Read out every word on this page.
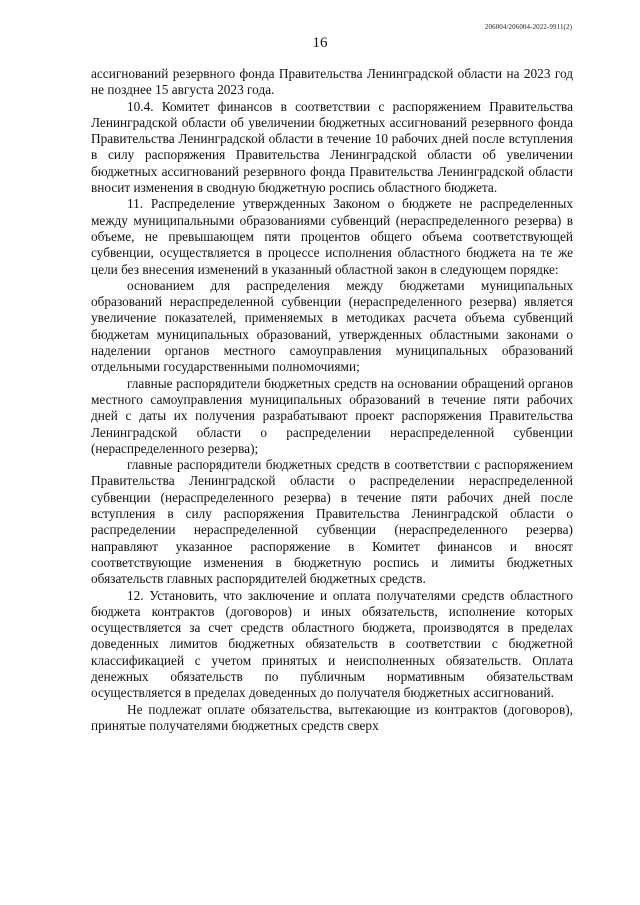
206004/206004-2022-9911(2)
16

ассигнований резервного фонда Правительства Ленинградской области на 2023 год не позднее 15 августа 2023 года.

10.4. Комитет финансов в соответствии с распоряжением Правительства Ленинградской области об увеличении бюджетных ассигнований резервного фонда Правительства Ленинградской области в течение 10 рабочих дней после вступления в силу распоряжения Правительства Ленинградской области об увеличении бюджетных ассигнований резервного фонда Правительства Ленинградской области вносит изменения в сводную бюджетную роспись областного бюджета.

11. Распределение утвержденных Законом о бюджете не распределенных между муниципальными образованиями субвенций (нераспределенного резерва) в объеме, не превышающем пяти процентов общего объема соответствующей субвенции, осуществляется в процессе исполнения областного бюджета на те же цели без внесения изменений в указанный областной закон в следующем порядке:

основанием для распределения между бюджетами муниципальных образований нераспределенной субвенции (нераспределенного резерва) является увеличение показателей, применяемых в методиках расчета объема субвенций бюджетам муниципальных образований, утвержденных областными законами о наделении органов местного самоуправления муниципальных образований отдельными государственными полномочиями;

главные распорядители бюджетных средств на основании обращений органов местного самоуправления муниципальных образований в течение пяти рабочих дней с даты их получения разрабатывают проект распоряжения Правительства Ленинградской области о распределении нераспределенной субвенции (нераспределенного резерва);

главные распорядители бюджетных средств в соответствии с распоряжением Правительства Ленинградской области о распределении нераспределенной субвенции (нераспределенного резерва) в течение пяти рабочих дней после вступления в силу распоряжения Правительства Ленинградской области о распределении нераспределенной субвенции (нераспределенного резерва) направляют указанное распоряжение в Комитет финансов и вносят соответствующие изменения в бюджетную роспись и лимиты бюджетных обязательств главных распорядителей бюджетных средств.

12. Установить, что заключение и оплата получателями средств областного бюджета контрактов (договоров) и иных обязательств, исполнение которых осуществляется за счет средств областного бюджета, производятся в пределах доведенных лимитов бюджетных обязательств в соответствии с бюджетной классификацией с учетом принятых и неисполненных обязательств. Оплата денежных обязательств по публичным нормативным обязательствам осуществляется в пределах доведенных до получателя бюджетных ассигнований.

Не подлежат оплате обязательства, вытекающие из контрактов (договоров), принятые получателями бюджетных средств сверх
